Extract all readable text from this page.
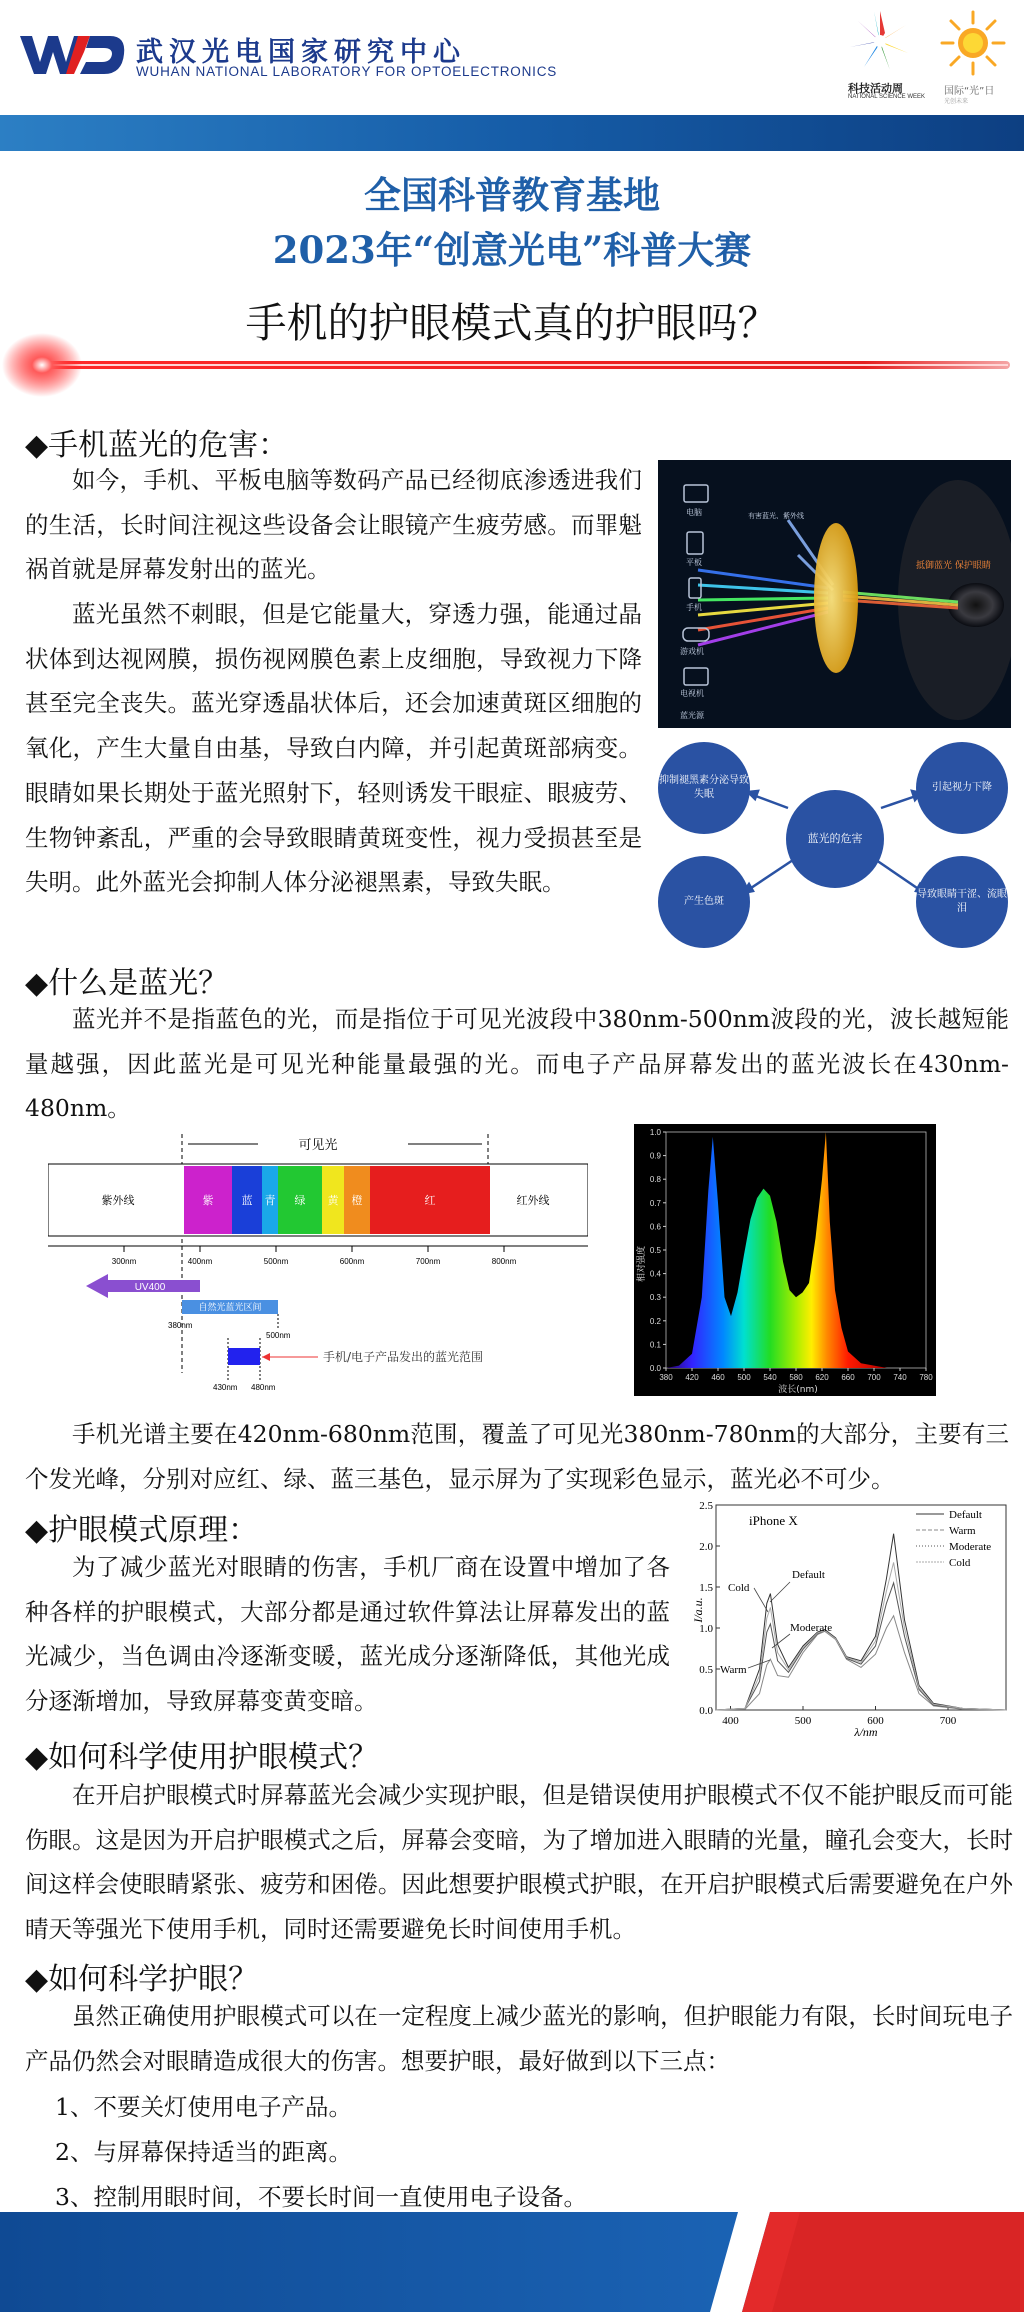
WNL	武汉光电国家研究中心
WUHAN NATIONAL LABORATORY FOR OPTOELECTRONICS
科技活动周
NATIONAL SCIENCE WEEK 国际“光”日
光创未来
全国科普教育基地
2023年“创意光电”科普大赛
手机的护眼模式真的护眼吗？
◆手机蓝光的危害：
如今，手机、平板电脑等数码产品已经彻底渗透进我们的生活，长时间注视这些设备会让眼镜产生疲劳感。而罪魁祸首就是屏幕发射出的蓝光。
蓝光虽然不刺眼，但是它能量大，穿透力强，能通过晶状体到达视网膜，损伤视网膜色素上皮细胞，导致视力下降甚至完全丧失。蓝光穿透晶状体后，还会加速黄斑区细胞的氧化，产生大量自由基，导致白内障，并引起黄斑部病变。眼睛如果长期处于蓝光照射下，轻则诱发干眼症、眼疲劳、生物钟紊乱，严重的会导致眼睛黄斑变性，视力受损甚至是失明。此外蓝光会抑制人体分泌褪黑素，导致失眠。
电脑
平板
手机
游戏机
电视机
蓝光源
有害蓝光、紫外线
抵御蓝光 保护眼睛
抑制褪黑素分泌导致失眠
引起视力下降
蓝光的危害
产生色斑
导致眼睛干涩、流眼泪
◆什么是蓝光？
蓝光并不是指蓝色的光，而是指位于可见光波段中380nm-500nm波段的光，波长越短能量越强，因此蓝光是可见光种能量最强的光。而电子产品屏幕发出的蓝光波长在430nm-480nm。
可见光
紫外线	红外线
紫	蓝 青 绿 黄 橙	红
300nm	400nm	500nm	600nm	700nm	800nm
UV400
自然光蓝光区间
380nm
500nm
手机/电子产品发出的蓝光范围
430nm 480nm
0.0
0.1
0.2
0.3
0.4
0.5
0.6
0.7
0.8
0.9
1.0
380 420 460 500 540 580 620 660 700 740 780
相对强度
波长(nm)
手机光谱主要在420nm-680nm范围，覆盖了可见光380nm-780nm的大部分，主要有三个发光峰，分别对应红、绿、蓝三基色，显示屏为了实现彩色显示，蓝光必不可少。
◆护眼模式原理：
为了减少蓝光对眼睛的伤害，手机厂商在设置中增加了各种各样的护眼模式，大部分都是通过软件算法让屏幕发出的蓝光减少，当色调由冷逐渐变暖，蓝光成分逐渐降低，其他光成分逐渐增加，导致屏幕变黄变暗。	0.0
0.5
1.0
1.5
2.0
2.5
400	500	600	700
iPhone X	Default
Warm
Moderate
Cold
Cold
Default
Moderate
Warm
I/a.u.
λ/nm
◆如何科学使用护眼模式？
在开启护眼模式时屏幕蓝光会减少实现护眼，但是错误使用护眼模式不仅不能护眼反而可能伤眼。这是因为开启护眼模式之后，屏幕会变暗，为了增加进入眼睛的光量，瞳孔会变大，长时间这样会使眼睛紧张、疲劳和困倦。因此想要护眼模式护眼，在开启护眼模式后需要避免在户外晴天等强光下使用手机，同时还需要避免长时间使用手机。
◆如何科学护眼？
虽然正确使用护眼模式可以在一定程度上减少蓝光的影响，但护眼能力有限，长时间玩电子产品仍然会对眼睛造成很大的伤害。想要护眼，最好做到以下三点：
1、不要关灯使用电子产品。
2、与屏幕保持适当的距离。
3、控制用眼时间，不要长时间一直使用电子设备。
